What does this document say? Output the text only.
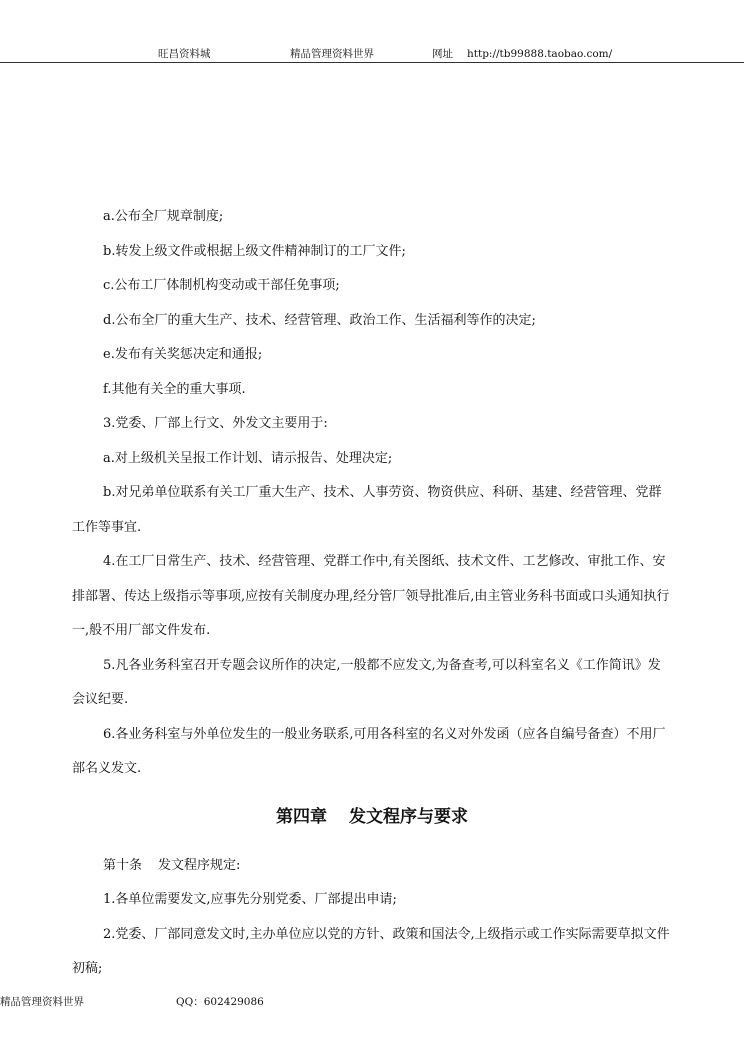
旺昌资料城	精品管理资料世界	网址 http://tb99888.taobao.com/

a.公布全厂规章制度;

b.转发上级文件或根据上级文件精神制订的工厂文件;

c.公布工厂体制机构变动或干部任免事项;

d.公布全厂的重大生产、技术、经营管理、政治工作、生活福利等作的决定;

e.发布有关奖惩决定和通报;

f.其他有关全的重大事项.

3.党委、厂部上行文、外发文主要用于:

a.对上级机关呈报工作计划、请示报告、处理决定;

b.对兄弟单位联系有关工厂重大生产、技术、人事劳资、物资供应、科研、基建、经营管理、党群工作等事宜.

4.在工厂日常生产、技术、经营管理、党群工作中,有关图纸、技术文件、工艺修改、审批工作、安排部署、传达上级指示等事项,应按有关制度办理,经分管厂领导批准后,由主管业务科书面或口头通知执行一,般不用厂部文件发布.

5.凡各业务科室召开专题会议所作的决定,一般都不应发文,为备查考,可以科室名义《工作简讯》发会议纪要.

6.各业务科室与外单位发生的一般业务联系,可用各科室的名义对外发函（应各自编号备查）不用厂部名义发文.

第四章 发文程序与要求

第十条 发文程序规定:

1.各单位需要发文,应事先分别党委、厂部提出申请;

2.党委、厂部同意发文时,主办单位应以党的方针、政策和国法令,上级指示或工作实际需要草拟文件初稿;

精品管理资料世界	QQ：602429086
